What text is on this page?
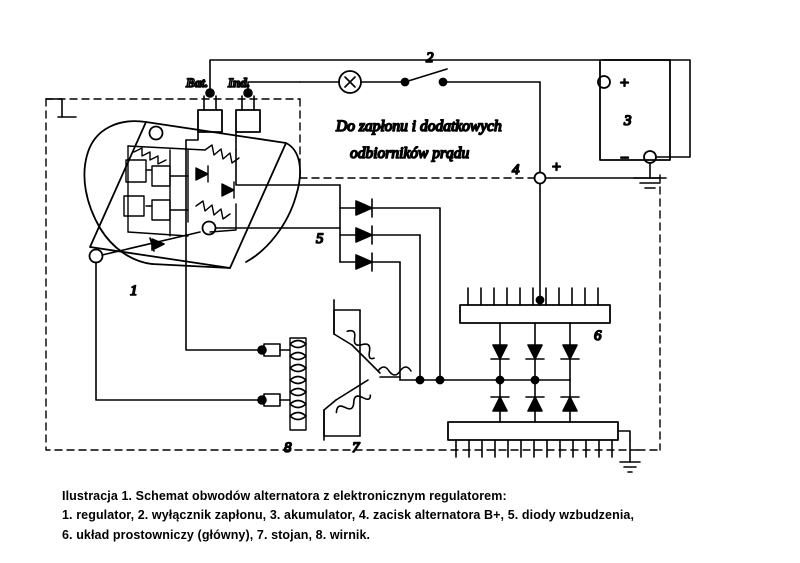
Bat. Ind.
2
Do zapłonu i dodatkowych
odbiorników prądu
+
−
3
4 +
5
6
7
8
1
Ilustracja 1. Schemat obwodów alternatora z elektronicznym regulatorem:
1. regulator, 2. wyłącznik zapłonu, 3. akumulator, 4. zacisk alternatora B+, 5. diody wzbudzenia,
6. układ prostowniczy (główny), 7. stojan, 8. wirnik.
